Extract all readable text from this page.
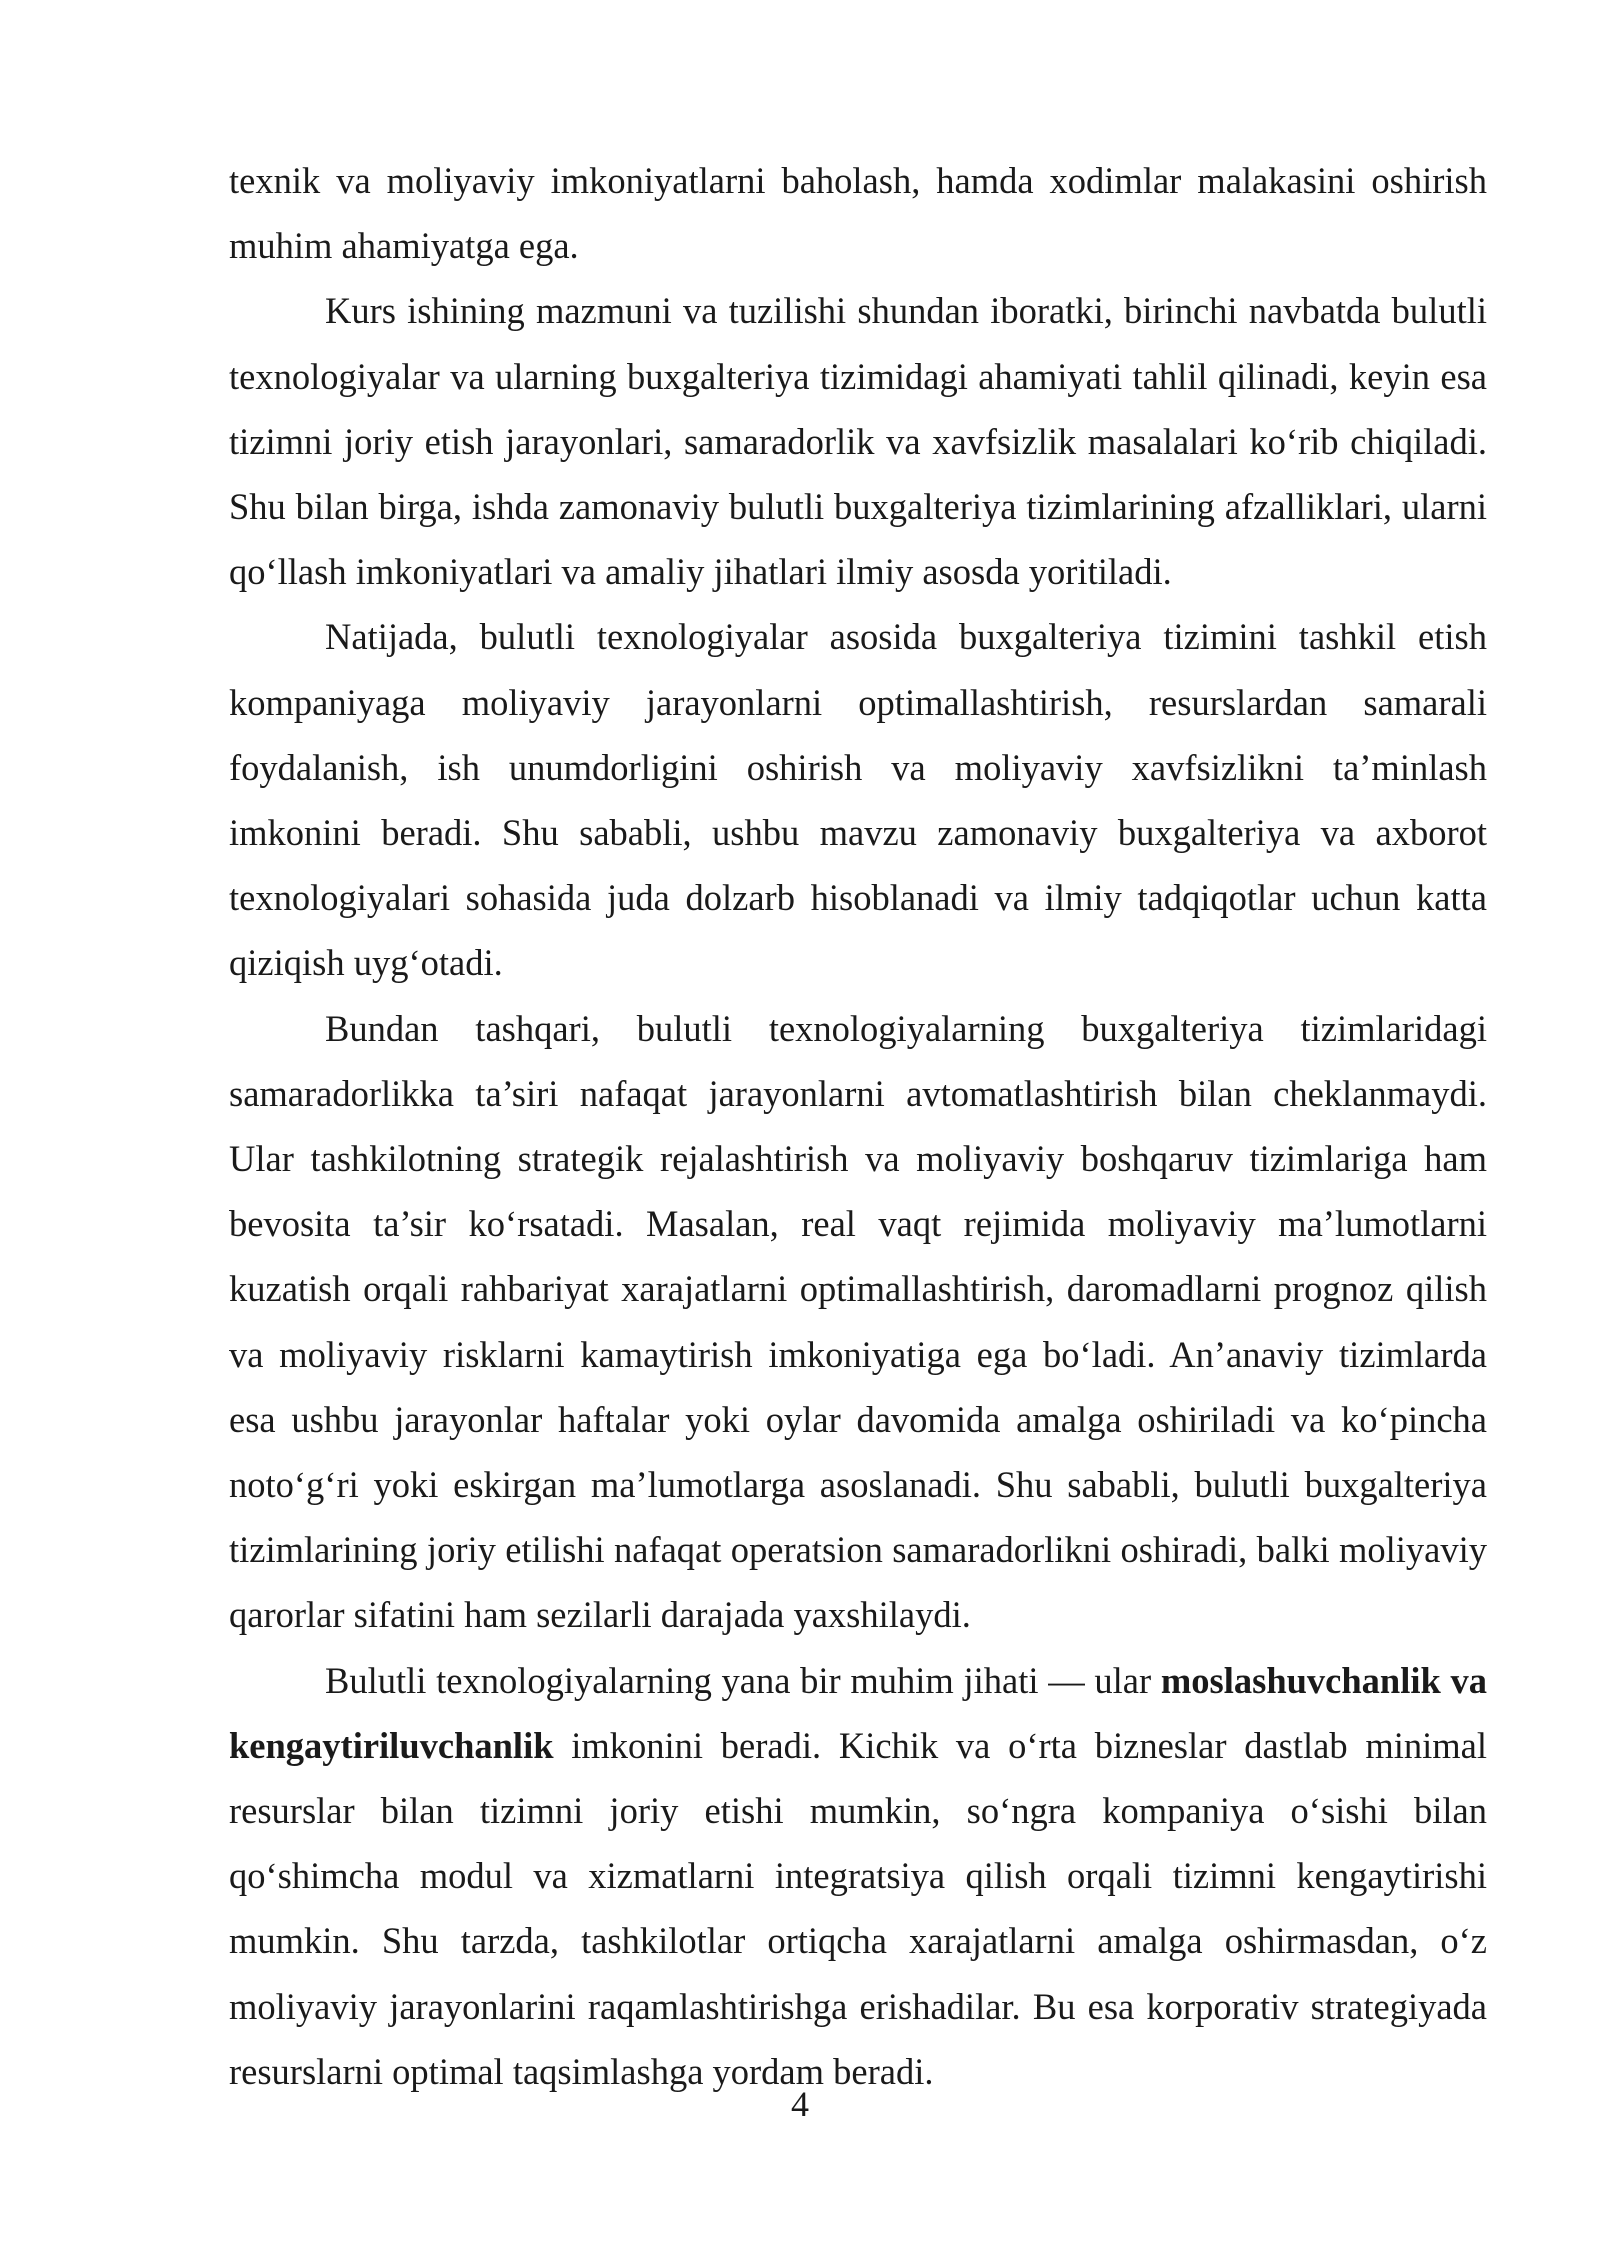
texnik va moliyaviy imkoniyatlarni baholash, hamda xodimlar malakasini oshirish muhim ahamiyatga ega.

Kurs ishining mazmuni va tuzilishi shundan iboratki, birinchi navbatda bulutli texnologiyalar va ularning buxgalteriya tizimidagi ahamiyati tahlil qilinadi, keyin esa tizimni joriy etish jarayonlari, samaradorlik va xavfsizlik masalalari ko‘rib chiqiladi. Shu bilan birga, ishda zamonaviy bulutli buxgalteriya tizimlarining afzalliklari, ularni qo‘llash imkoniyatlari va amaliy jihatlari ilmiy asosda yoritiladi.

Natijada, bulutli texnologiyalar asosida buxgalteriya tizimini tashkil etish kompaniyaga moliyaviy jarayonlarni optimallashtirish, resurslardan samarali foydalanish, ish unumdorligini oshirish va moliyaviy xavfsizlikni ta’minlash imkonini beradi. Shu sababli, ushbu mavzu zamonaviy buxgalteriya va axborot texnologiyalari sohasida juda dolzarb hisoblanadi va ilmiy tadqiqotlar uchun katta qiziqish uyg‘otadi.

Bundan tashqari, bulutli texnologiyalarning buxgalteriya tizimlaridagi samaradorlikka ta’siri nafaqat jarayonlarni avtomatlashtirish bilan cheklanmaydi. Ular tashkilotning strategik rejalashtirish va moliyaviy boshqaruv tizimlariga ham bevosita ta’sir ko‘rsatadi. Masalan, real vaqt rejimida moliyaviy ma’lumotlarni kuzatish orqali rahbariyat xarajatlarni optimallashtirish, daromadlarni prognoz qilish va moliyaviy risklarni kamaytirish imkoniyatiga ega bo‘ladi. An’anaviy tizimlarda esa ushbu jarayonlar haftalar yoki oylar davomida amalga oshiriladi va ko‘pincha noto‘g‘ri yoki eskirgan ma’lumotlarga asoslanadi. Shu sababli, bulutli buxgalteriya tizimlarining joriy etilishi nafaqat operatsion samaradorlikni oshiradi, balki moliyaviy qarorlar sifatini ham sezilarli darajada yaxshilaydi.

Bulutli texnologiyalarning yana bir muhim jihati — ular moslashuvchanlik va kengaytiriluvchanlik imkonini beradi. Kichik va o‘rta bizneslar dastlab minimal resurslar bilan tizimni joriy etishi mumkin, so‘ngra kompaniya o‘sishi bilan qo‘shimcha modul va xizmatlarni integratsiya qilish orqali tizimni kengaytirishi mumkin. Shu tarzda, tashkilotlar ortiqcha xarajatlarni amalga oshirmasdan, o‘z moliyaviy jarayonlarini raqamlashtirishga erishadilar. Bu esa korporativ strategiyada resurslarni optimal taqsimlashga yordam beradi.

4
